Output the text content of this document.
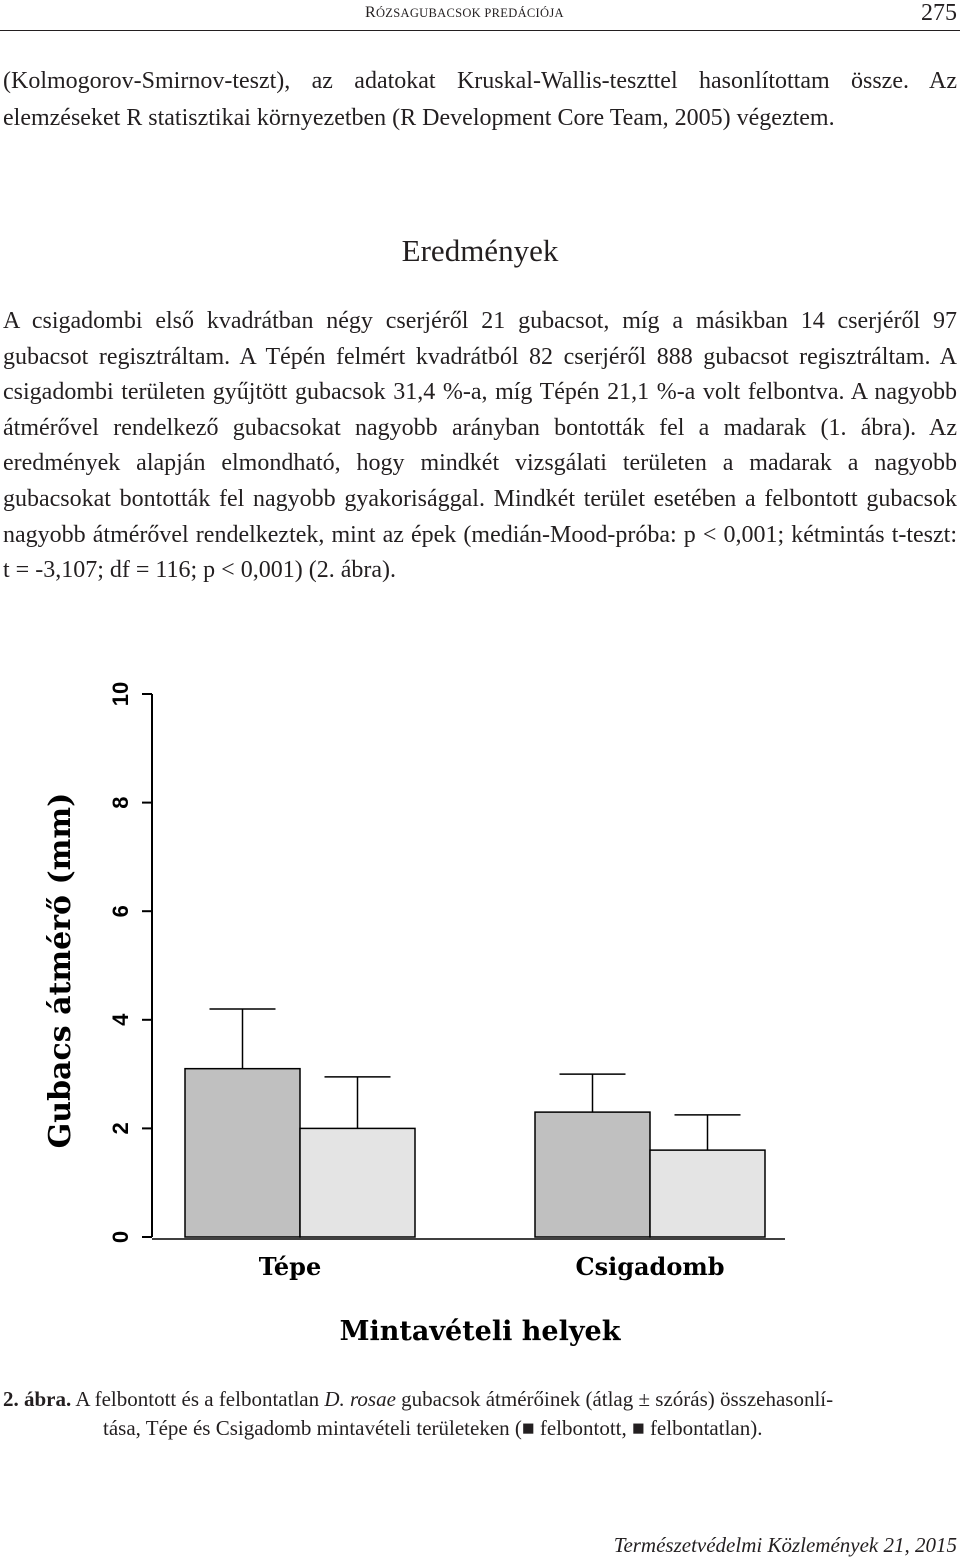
RÓZSAGUBACSOK PREDÁCIÓJA	275

(Kolmogorov-Smirnov-teszt), az adatokat Kruskal-Wallis-teszttel hasonlítottam össze. Az elemzéseket R statisztikai környezetben (R Development Core Team, 2005) végeztem.

Eredmények

A csigadombi első kvadrátban négy cserjéről 21 gubacsot, míg a másikban 14 cserjéről 97 gubacsot regisztráltam. A Tépén felmért kvadrátból 82 cserjéről 888 gubacsot regisztráltam. A csigadombi területen gyűjtött gubacsok 31,4 %-a, míg Tépén 21,1 %-a volt felbontva. A nagyobb átmérővel rendelkező gubacsokat nagyobb arányban bontották fel a madarak (1. ábra). Az eredmények alapján elmondható, hogy mindkét vizsgálati területen a madarak a nagyobb gubacsokat bontották fel nagyobb gyakorisággal. Mindkét terület esetében a felbontott gubacsok nagyobb átmérővel rendelkeztek, mint az épek (medián-Mood-próba: p < 0,001; kétmintás t-teszt: t = -3,107; df = 116; p < 0,001) (2. ábra).

0
2
4
6
8
10
Gubacs átmérő (mm)
Tépe	Csigadomb
Mintavételi helyek
2. ábra. A felbontott és a felbontatlan D. rosae gubacsok átmérőinek (átlag ± szórás) összehasonlí-
tása, Tépe és Csigadomb mintavételi területeken (■ felbontott, ■ felbontatlan).
Természetvédelmi Közlemények 21, 2015
